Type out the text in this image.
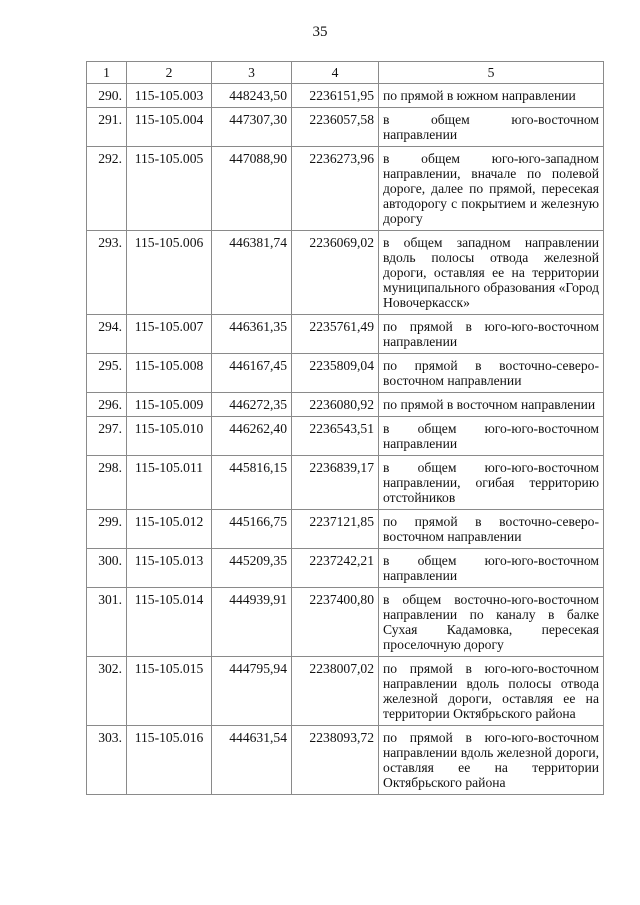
35
1	2	3	4	5
290.	115-105.003	448243,50	2236151,95	по прямой в южном направлении
291.	115-105.004	447307,30	2236057,58	в общем юго-восточном направлении
292.	115-105.005	447088,90	2236273,96	в общем юго-юго-западном направлении, вначале по полевой дороге, далее по прямой, пересекая автодорогу с покрытием и железную дорогу
293.	115-105.006	446381,74	2236069,02	в общем западном направлении вдоль полосы отвода железной дороги, оставляя ее на территории муниципального образования «Город Новочеркасск»
294.	115-105.007	446361,35	2235761,49	по прямой в юго-юго-восточном направлении
295.	115-105.008	446167,45	2235809,04	по прямой в восточно-северо-восточном направлении
296.	115-105.009	446272,35	2236080,92	по прямой в восточном направлении
297.	115-105.010	446262,40	2236543,51	в общем юго-юго-восточном направлении
298.	115-105.011	445816,15	2236839,17	в общем юго-юго-восточном направлении, огибая территорию отстойников
299.	115-105.012	445166,75	2237121,85	по прямой в восточно-северо-восточном направлении
300.	115-105.013	445209,35	2237242,21	в общем юго-юго-восточном направлении
301.	115-105.014	444939,91	2237400,80	в общем восточно-юго-восточном направлении по каналу в балке Сухая Кадамовка, пересекая проселочную дорогу
302.	115-105.015	444795,94	2238007,02	по прямой в юго-юго-восточном направлении вдоль полосы отвода железной дороги, оставляя ее на территории Октябрьского района
303.	115-105.016	444631,54	2238093,72	по прямой в юго-юго-восточном направлении вдоль железной дороги, оставляя ее на территории Октябрьского района
